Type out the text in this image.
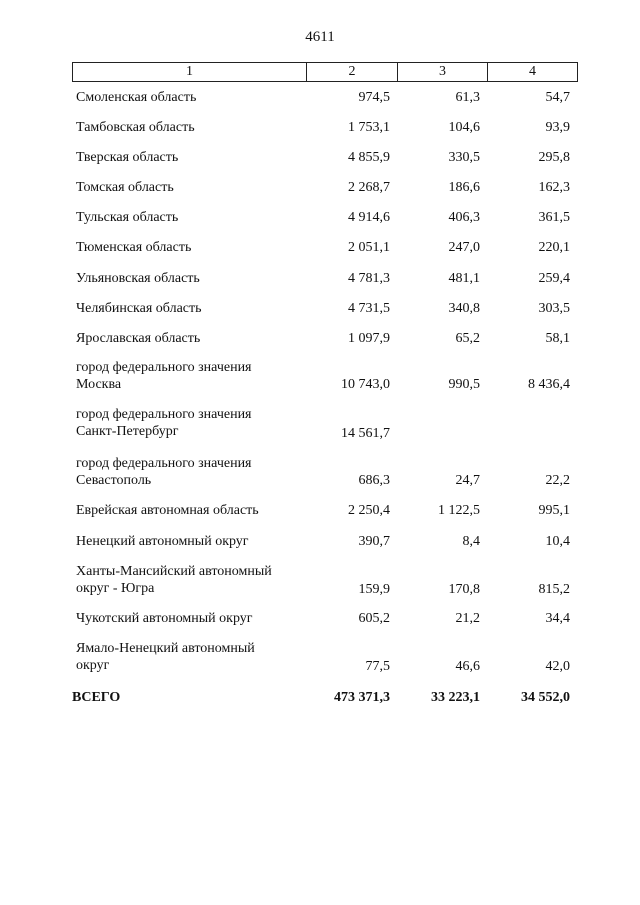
4611
1	2	3	4
Смоленская область	974,5	61,3	54,7
Тамбовская область	1 753,1	104,6	93,9
Тверская область	4 855,9	330,5	295,8
Томская область	2 268,7	186,6	162,3
Тульская область	4 914,6	406,3	361,5
Тюменская область	2 051,1	247,0	220,1
Ульяновская область	4 781,3	481,1	259,4
Челябинская область	4 731,5	340,8	303,5
Ярославская область	1 097,9	65,2	58,1
город федерального значения
Москва	10 743,0	990,5	8 436,4
город федерального значения
Санкт-Петербург	14 561,7
город федерального значения
Севастополь	686,3	24,7	22,2
Еврейская автономная область	2 250,4	1 122,5	995,1
Ненецкий автономный округ	390,7	8,4	10,4
Ханты-Мансийский автономный
округ - Югра	159,9	170,8	815,2
Чукотский автономный округ	605,2	21,2	34,4
Ямало-Ненецкий автономный
округ	77,5	46,6	42,0
ВСЕГО	473 371,3	33 223,1	34 552,0
